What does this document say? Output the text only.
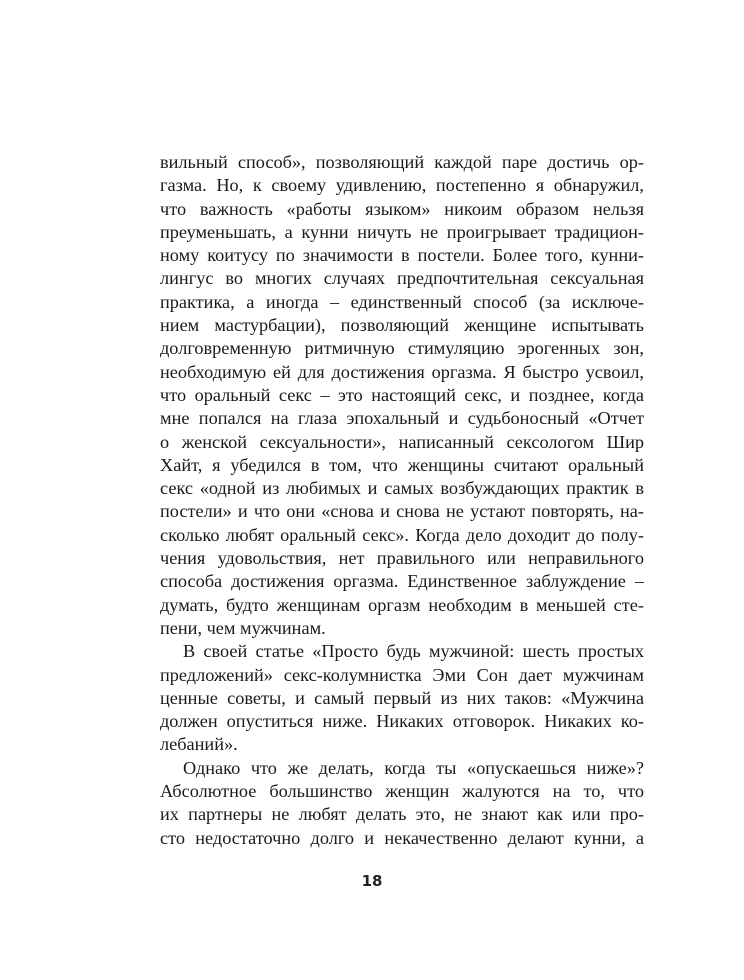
вильный способ», позволяющий каждой паре достичь ор-
газма. Но, к своему удивлению, постепенно я обнаружил,
что важность «работы языком» никоим образом нельзя
преуменьшать, а кунни ничуть не проигрывает традицион-
ному коитусу по значимости в постели. Более того, кунни-
лингус во многих случаях предпочтительная сексуальная
практика, а иногда – единственный способ (за исключе-
нием мастурбации), позволяющий женщине испытывать
долговременную ритмичную стимуляцию эрогенных зон,
необходимую ей для достижения оргазма. Я быстро усвоил,
что оральный секс – это настоящий секс, и позднее, когда
мне попался на глаза эпохальный и судьбоносный «Отчет
о женской сексуальности», написанный сексологом Шир
Хайт, я убедился в том, что женщины считают оральный
секс «одной из любимых и самых возбуждающих практик в
постели» и что они «снова и снова не устают повторять, на-
сколько любят оральный секс». Когда дело доходит до полу-
чения удовольствия, нет правильного или неправильного
способа достижения оргазма. Единственное заблуждение –
думать, будто женщинам оргазм необходим в меньшей сте-
пени, чем мужчинам.
В своей статье «Просто будь мужчиной: шесть простых
предложений» секс-колумнистка Эми Сон дает мужчинам
ценные советы, и самый первый из них таков: «Мужчина
должен опуститься ниже. Никаких отговорок. Никаких ко-
лебаний».
Однако что же делать, когда ты «опускаешься ниже»?
Абсолютное большинство женщин жалуются на то, что
их партнеры не любят делать это, не знают как или про-
сто недостаточно долго и некачественно делают кунни, а
18
